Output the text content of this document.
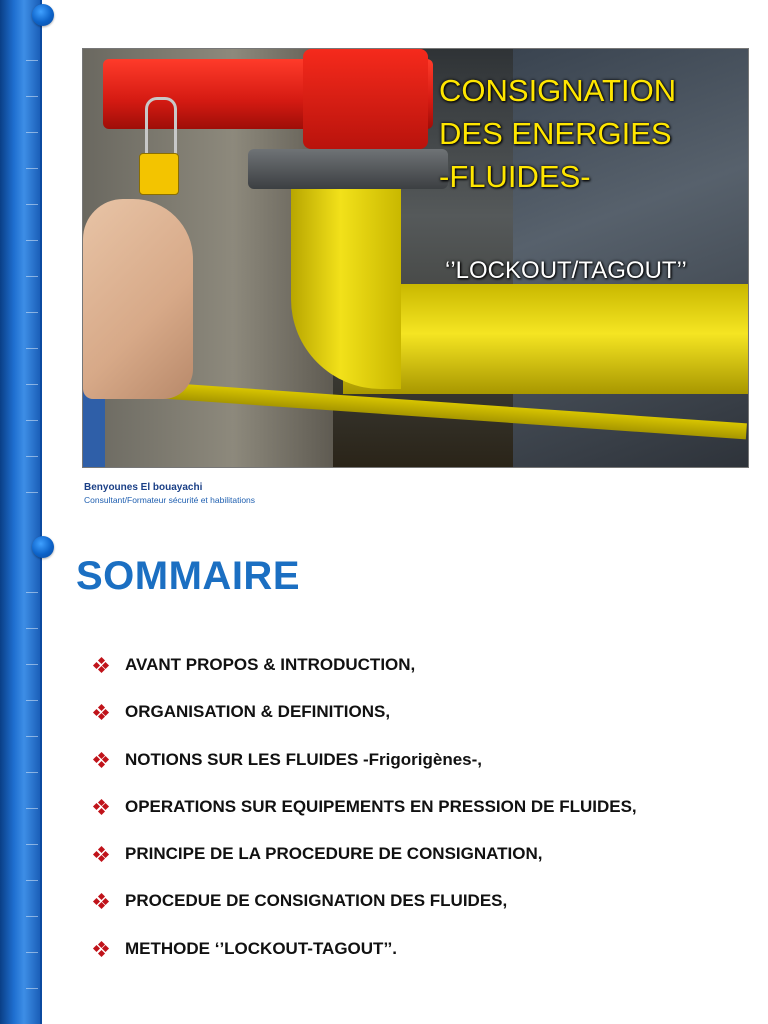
CONSIGNATION
DES ENERGIES
-FLUIDES-
‘’LOCKOUT/TAGOUT’’
Benyounes El bouayachi
Consultant/Formateur sécurité et habilitations
SOMMAIRE
AVANT PROPOS & INTRODUCTION,
ORGANISATION & DEFINITIONS,
NOTIONS SUR LES FLUIDES -Frigorigènes-,
OPERATIONS SUR EQUIPEMENTS EN PRESSION DE FLUIDES,
PRINCIPE DE LA PROCEDURE DE CONSIGNATION,
PROCEDUE DE CONSIGNATION DES FLUIDES,
METHODE ‘’LOCKOUT-TAGOUT’’.
